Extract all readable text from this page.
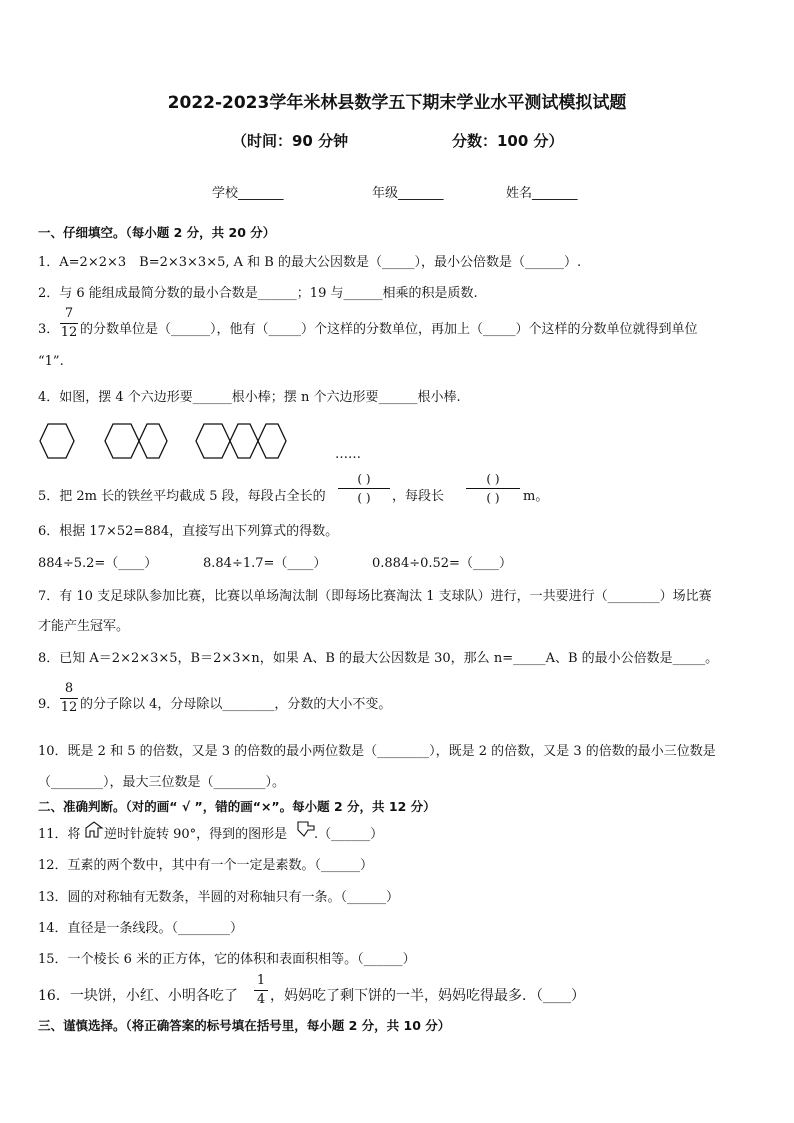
2022-2023学年米林县数学五下期末学业水平测试模拟试题
（时间：90 分钟	分数：100 分）
学校_______	年级_______	姓名_______
一、仔细填空。（每小题 2 分，共 20 分）
1．A=2×2×3　B=2×3×3×5, A 和 B 的最大公因数是（_____），最小公倍数是（______）.
2．与 6 能组成最简分数的最小合数是______；19 与______相乘的积是质数.
3．
7
12 的分数单位是（______），他有（_____）个这样的分数单位，再加上（_____）个这样的分数单位就得到单位
“1”.
4．如图，摆 4 个六边形要______根小棒；摆 n 个六边形要______根小棒.
……
5．把 2m 长的铁丝平均截成 5 段，每段占全长的
( )
( )	，每段长
( )
( )	m。
6．根据 17×52=884，直接写出下列算式的得数。
884÷5.2=（____）	8.84÷1.7=（____）	0.884÷0.52=（____）
7．有 10 支足球队参加比赛，比赛以单场淘汰制（即每场比赛淘汰 1 支球队）进行，一共要进行（________）场比赛
才能产生冠军。
8．已知 A＝2×2×3×5，B＝2×3×n，如果 A、B 的最大公因数是 30，那么 n=_____A、B 的最小公倍数是_____。
9．
8
12 的分子除以 4，分母除以________，分数的大小不变。
10．既是 2 和 5 的倍数，又是 3 的倍数的最小两位数是（________），既是 2 的倍数，又是 3 的倍数的最小三位数是
（________），最大三位数是（________）。
二、准确判断。（对的画“ √ ”，错的画“×”。每小题 2 分，共 12 分）
11．将 逆时针旋转 90°，得到的图形是 .（______）
12．互素的两个数中，其中有一个一定是素数。（______）
13．圆的对称轴有无数条，半圆的对称轴只有一条。（______）
14．直径是一条线段。（________）
15．一个棱长 6 米的正方体，它的体积和表面积相等。（______）
16．一块饼，小红、小明各吃了
1
4 ，妈妈吃了剩下饼的一半，妈妈吃得最多．（____）
三、谨慎选择。（将正确答案的标号填在括号里，每小题 2 分，共 10 分）
